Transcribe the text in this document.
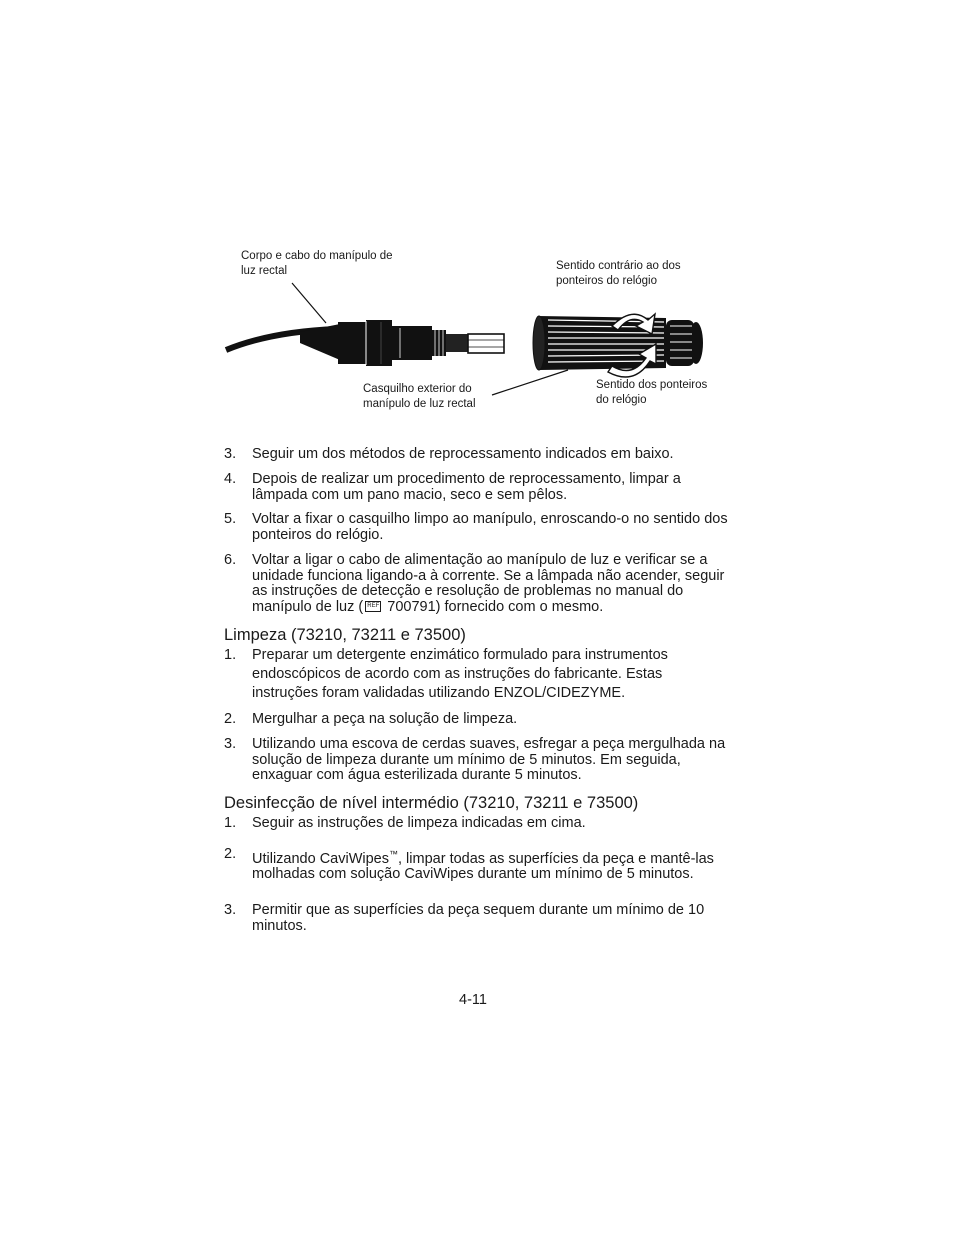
Corpo e cabo do manípulo de luz rectal	Sentido contrário ao dos ponteiros do relógio
Casquilho exterior do manípulo de luz rectal
Sentido dos ponteiros do relógio
3.	Seguir um dos métodos de reprocessamento indicados em baixo.
4.	Depois de realizar um procedimento de reprocessamento, limpar a lâmpada com um pano macio, seco e sem pêlos.
5.	Voltar a fixar o casquilho limpo ao manípulo, enroscando-o no sentido dos ponteiros do relógio.
6.	Voltar a ligar o cabo de alimentação ao manípulo de luz e verificar se a unidade funciona ligando-a à corrente. Se a lâmpada não acender, seguir as instruções de detecção e resolução de problemas no manual do manípulo de luz ( REF 700791) fornecido com o mesmo.
Limpeza (73210, 73211 e 73500)
1.	Preparar um detergente enzimático formulado para instrumentos endoscópicos de acordo com as instruções do fabricante. Estas instruções foram validadas utilizando ENZOL/CIDEZYME.
2.	Mergulhar a peça na solução de limpeza.
3.	Utilizando uma escova de cerdas suaves, esfregar a peça mergulhada na solução de limpeza durante um mínimo de 5 minutos. Em seguida, enxaguar com água esterilizada durante 5 minutos.
Desinfecção de nível intermédio (73210, 73211 e 73500)
1.	Seguir as instruções de limpeza indicadas em cima.
2.	Utilizando CaviWipes™, limpar todas as superfícies da peça e mantê-las molhadas com solução CaviWipes durante um mínimo de 5 minutos.
3.	Permitir que as superfícies da peça sequem durante um mínimo de 10 minutos.
4-11
